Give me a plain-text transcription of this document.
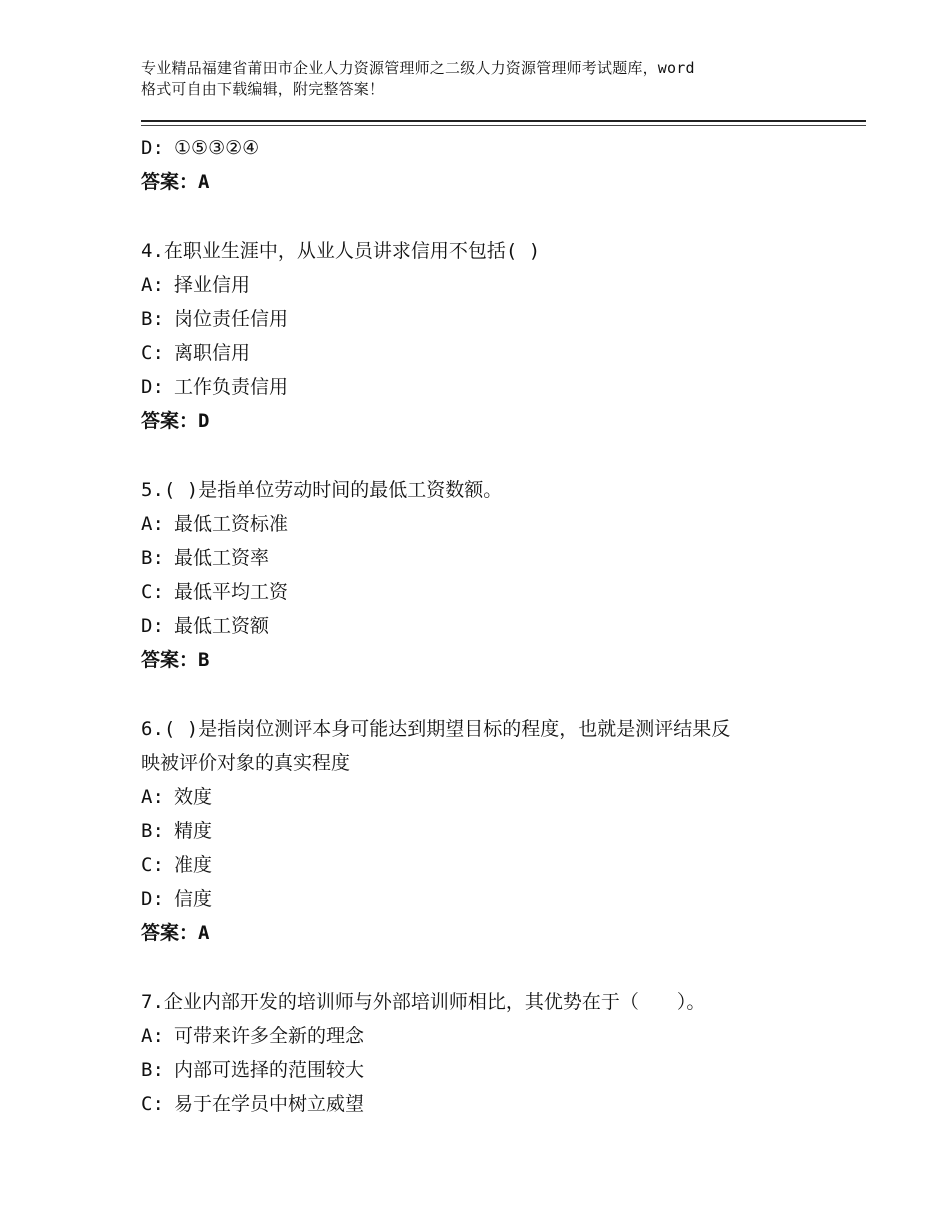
专业精品福建省莆田市企业人力资源管理师之二级人力资源管理师考试题库，word
格式可自由下载编辑，附完整答案！
D: ①⑤③②④
答案：A
4.在职业生涯中，从业人员讲求信用不包括( )
A: 择业信用
B: 岗位责任信用
C: 离职信用
D: 工作负责信用
答案：D
5.( )是指单位劳动时间的最低工资数额。
A: 最低工资标准
B: 最低工资率
C: 最低平均工资
D: 最低工资额
答案：B
6.( )是指岗位测评本身可能达到期望目标的程度，也就是测评结果反
映被评价对象的真实程度
A: 效度
B: 精度
C: 准度
D: 信度
答案：A
7.企业内部开发的培训师与外部培训师相比，其优势在于（　　）。
A: 可带来许多全新的理念
B: 内部可选择的范围较大
C: 易于在学员中树立威望
